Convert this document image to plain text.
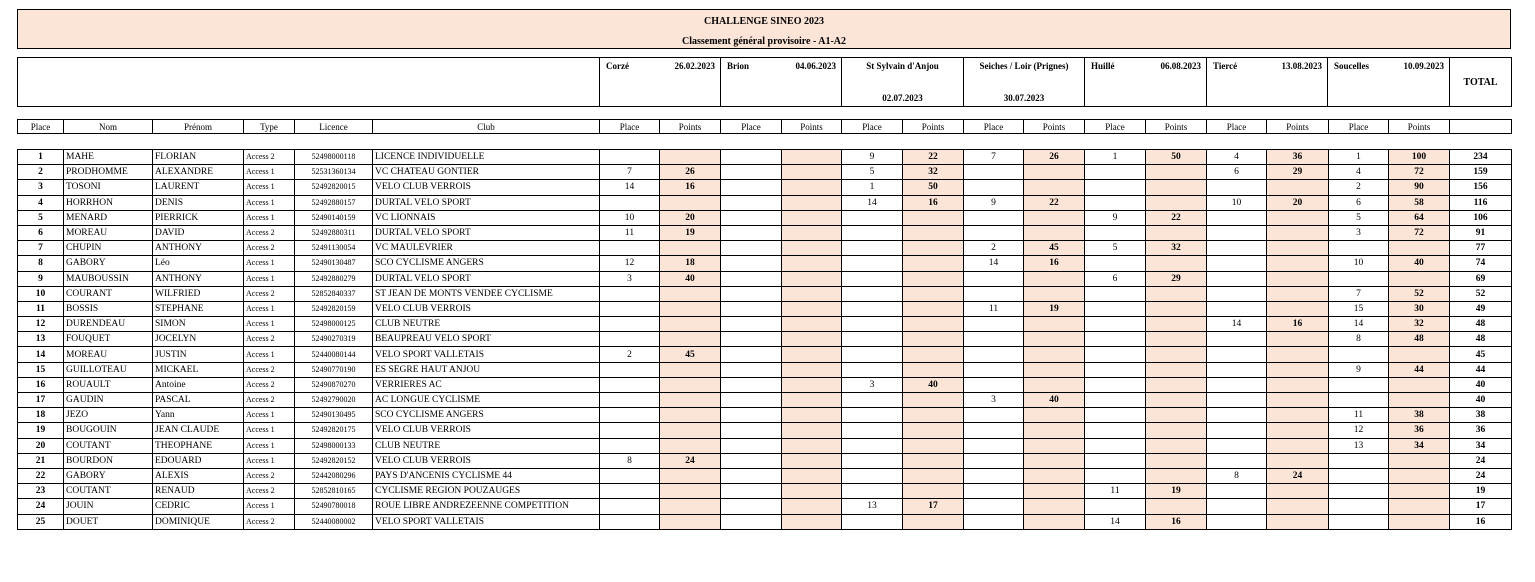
CHALLENGE SINEO 2023
Classement général provisoire - A1-A2

Corzé	26.02.2023	Brion	04.06.2023	St Sylvain d'Anjou
02.07.2023

Seiches / Loir (Prignes)
30.07.2023

Huillé	06.08.2023	Tiercé	13.08.2023	Soucelles	10.09.2023
	TOTAL
Place	Nom	Prénom	Type	Licence	Club	Place	Points	Place	Points	Place	Points	Place	Points	Place	Points	Place	Points	Place	Points	
1	MAHE	FLORIAN	Access 2	52498000118	LICENCE INDIVIDUELLE					9	22	7	26	1	50	4	36	1	100	234
2	PRODHOMME	ALEXANDRE	Access 1	52531360134	VC CHATEAU GONTIER	7	26			5	32					6	29	4	72	159
3	TOSONI	LAURENT	Access 1	52492820015	VELO CLUB VERROIS	14	16			1	50							2	90	156
4	HORRHON	DENIS	Access 1	52492880157	DURTAL VELO SPORT					14	16	9	22			10	20	6	58	116
5	MENARD	PIERRICK	Access 1	52490140159	VC LIONNAIS	10	20							9	22			5	64	106
6	MOREAU	DAVID	Access 2	52492880311	DURTAL VELO SPORT	11	19											3	72	91
7	CHUPIN	ANTHONY	Access 2	52491130054	VC MAULEVRIER							2	45	5	32					77
8	GABORY	Léo	Access 1	52490130487	SCO CYCLISME ANGERS	12	18					14	16					10	40	74
9	MAUBOUSSIN	ANTHONY	Access 1	52492880279	DURTAL VELO SPORT	3	40							6	29					69
10	COURANT	WILFRIED	Access 2	52852840337	ST JEAN DE MONTS VENDEE CYCLISME													7	52	52
11	BOSSIS	STEPHANE	Access 1	52492820159	VELO CLUB VERROIS							11	19					15	30	49
12	DURENDEAU	SIMON	Access 1	52498000125	CLUB NEUTRE											14	16	14	32	48
13	FOUQUET	JOCELYN	Access 2	52490270319	BEAUPREAU VELO SPORT													8	48	48
14	MOREAU	JUSTIN	Access 1	52440080144	VELO SPORT VALLETAIS	2	45													45
15	GUILLOTEAU	MICKAEL	Access 2	52490770190	ES SEGRE HAUT ANJOU													9	44	44
16	ROUAULT	Antoine	Access 2	52490870270	VERRIERES AC					3	40									40
17	GAUDIN	PASCAL	Access 2	52492790020	AC LONGUE CYCLISME							3	40							40
18	JEZO	Yann	Access 1	52490130495	SCO CYCLISME ANGERS													11	38	38
19	BOUGOUIN	JEAN CLAUDE	Access 1	52492820175	VELO CLUB VERROIS													12	36	36
20	COUTANT	THEOPHANE	Access 1	52498000133	CLUB NEUTRE													13	34	34
21	BOURDON	EDOUARD	Access 1	52492820152	VELO CLUB VERROIS	8	24													24
22	GABORY	ALEXIS	Access 2	52442080296	PAYS D'ANCENIS CYCLISME 44											8	24			24
23	COUTANT	RENAUD	Access 2	52852810165	CYCLISME REGION POUZAUGES									11	19					19
24	JOUIN	CEDRIC	Access 1	52490780018	ROUE LIBRE ANDREZEENNE COMPETITION					13	17									17
25	DOUET	DOMINIQUE	Access 2	52440080002	VELO SPORT VALLETAIS									14	16					16
